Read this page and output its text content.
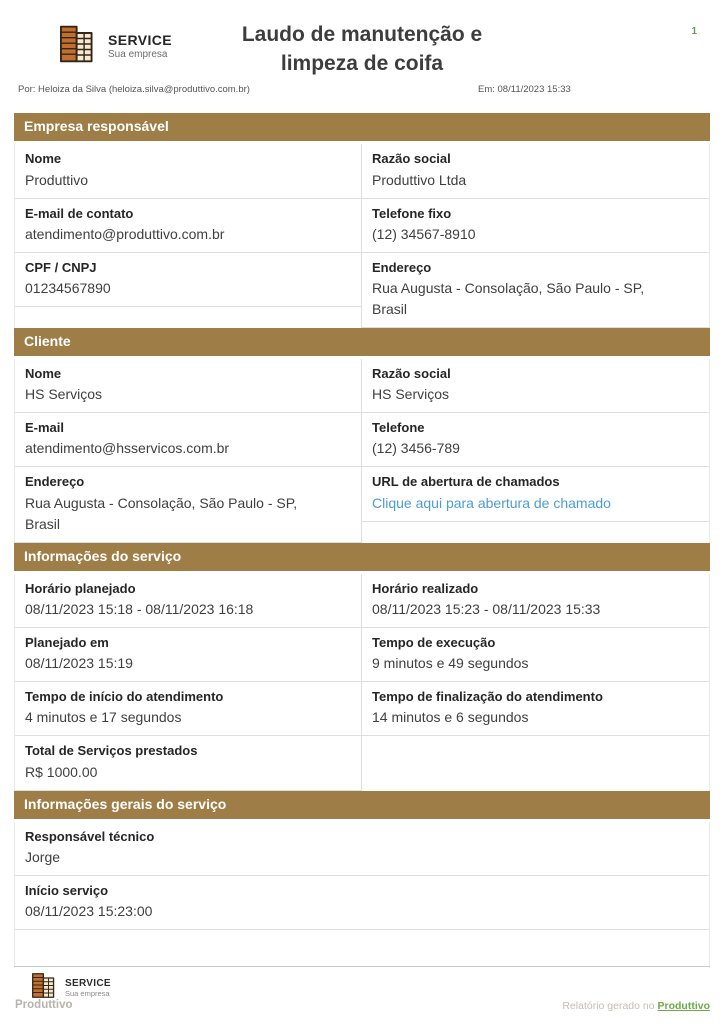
SERVICE
Sua empresa
Laudo de manutenção e
limpeza de coifa
1
Por: Heloiza da Silva (heloiza.silva@produttivo.com.br)	Em: 08/11/2023 15:33
Empresa responsável
Nome
Produttivo
E-mail de contato
atendimento@produttivo.com.br
CPF / CNPJ
01234567890
Razão social
Produttivo Ltda
Telefone fixo
(12) 34567-8910
Endereço
Rua Augusta - Consolação, São Paulo - SP, Brasil
Cliente
Nome
HS Serviços
E-mail
atendimento@hsservicos.com.br
Endereço
Rua Augusta - Consolação, São Paulo - SP, Brasil
Razão social
HS Serviços
Telefone
(12) 3456-789
URL de abertura de chamados
Clique aqui para abertura de chamado
Informações do serviço
Horário planejado
08/11/2023 15:18 - 08/11/2023 16:18
Planejado em
08/11/2023 15:19
Tempo de início do atendimento
4 minutos e 17 segundos
Total de Serviços prestados
R$ 1000.00
Horário realizado
08/11/2023 15:23 - 08/11/2023 15:33
Tempo de execução
9 minutos e 49 segundos
Tempo de finalização do atendimento
14 minutos e 6 segundos
Informações gerais do serviço
Responsável técnico
Jorge
Início serviço
08/11/2023 15:23:00
SERVICE
Sua empresa
Produttivo	Relatório gerado no Produttivo
